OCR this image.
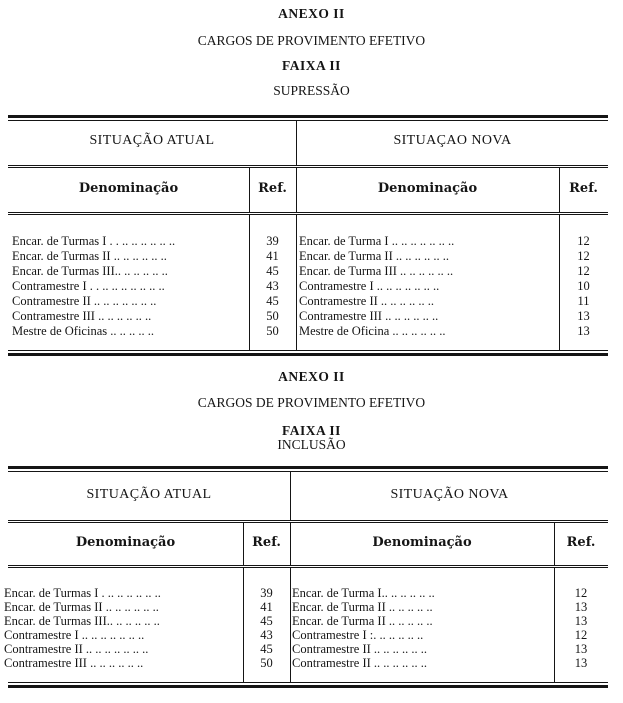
ANEXO II
CARGOS DE PROVIMENTO EFETIVO
FAIXA II
SUPRESSÃO
SITUAÇÃO ATUAL	SITUAÇAO NOVA
Denominação	Ref.	Denominação	Ref.
Encar. de Turmas I . . .. .. .. .. .. ..	39	Encar. de Turma I .. .. .. .. .. .. ..	12
Encar. de Turmas II .. .. .. .. .. ..	41	Encar. de Turma II .. .. .. .. .. ..	12
Encar. de Turmas III.. .. .. .. .. ..	45	Encar. de Turma III .. .. .. .. .. ..	12
Contramestre I . . .. .. .. .. .. .. ..	43	Contramestre I .. .. .. .. .. .. ..	10
Contramestre II .. .. .. .. .. .. ..	45	Contramestre II .. .. .. .. .. ..	11
Contramestre III .. .. .. .. .. ..	50	Contramestre III .. .. .. .. .. ..	13
Mestre de Oficinas .. .. .. .. ..	50	Mestre de Oficina .. .. .. .. .. ..	13
ANEXO II
CARGOS DE PROVIMENTO EFETIVO
FAIXA II
INCLUSÃO
SITUAÇÃO ATUAL	SITUAÇÃO NOVA
Denominação	Ref.	Denominação	Ref.
Encar. de Turmas I . .. .. .. .. .. ..	39	Encar. de Turma I.. .. .. .. .. ..	12
Encar. de Turmas II .. .. .. .. .. ..	41	Encar. de Turma II .. .. .. .. ..	13
Encar. de Turmas III.. .. .. .. .. ..	45	Encar. de Turma II .. .. .. .. ..	13
Contramestre I .. .. .. .. .. .. ..	43	Contramestre I :. .. .. .. .. ..	12
Contramestre II .. .. .. .. .. .. ..	45	Contramestre II .. .. .. .. .. ..	13
Contramestre III .. .. .. .. .. ..	50	Contramestre II .. .. .. .. .. ..	13
